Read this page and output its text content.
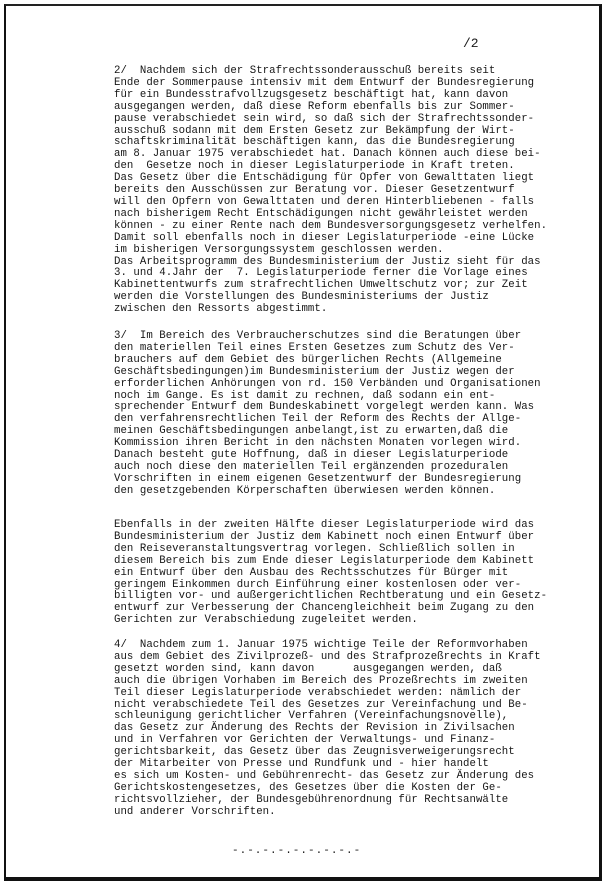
/2
2/  Nachdem sich der Strafrechtssonderausschuß bereits seit
Ende der Sommerpause intensiv mit dem Entwurf der Bundesregierung
für ein Bundesstrafvollzugsgesetz beschäftigt hat, kann davon
ausgegangen werden, daß diese Reform ebenfalls bis zur Sommer-
pause verabschiedet sein wird, so daß sich der Strafrechtssonder-
ausschuß sodann mit dem Ersten Gesetz zur Bekämpfung der Wirt-
schaftskriminalität beschäftigen kann, das die Bundesregierung
am 8. Januar 1975 verabschiedet hat. Danach können auch diese bei-
den  Gesetze noch in dieser Legislaturperiode in Kraft treten.
Das Gesetz über die Entschädigung für Opfer von Gewalttaten liegt
bereits den Ausschüssen zur Beratung vor. Dieser Gesetzentwurf
will den Opfern von Gewalttaten und deren Hinterbliebenen - falls
nach bisherigem Recht Entschädigungen nicht gewährleistet werden
können - zu einer Rente nach dem Bundesversorgungsgesetz verhelfen.
Damit soll ebenfalls noch in dieser Legislaturperiode -eine Lücke
im bisherigen Versorgungssystem geschlossen werden.
Das Arbeitsprogramm des Bundesministerium der Justiz sieht für das
3. und 4.Jahr der  7. Legislaturperiode ferner die Vorlage eines
Kabinettentwurfs zum strafrechtlichen Umweltschutz vor; zur Zeit
werden die Vorstellungen des Bundesministeriums der Justiz
zwischen den Ressorts abgestimmt.
3/  Im Bereich des Verbraucherschutzes sind die Beratungen über
den materiellen Teil eines Ersten Gesetzes zum Schutz des Ver-
brauchers auf dem Gebiet des bürgerlichen Rechts (Allgemeine
Geschäftsbedingungen)im Bundesministerium der Justiz wegen der
erforderlichen Anhörungen von rd. 150 Verbänden und Organisationen
noch im Gange. Es ist damit zu rechnen, daß sodann ein ent-
sprechender Entwurf dem Bundeskabinett vorgelegt werden kann. Was
den verfahrensrechtlichen Teil der Reform des Rechts der Allge-
meinen Geschäftsbedingungen anbelangt,ist zu erwarten,daß die
Kommission ihren Bericht in den nächsten Monaten vorlegen wird.
Danach besteht gute Hoffnung, daß in dieser Legislaturperiode
auch noch diese den materiellen Teil ergänzenden prozeduralen
Vorschriften in einem eigenen Gesetzentwurf der Bundesregierung
den gesetzgebenden Körperschaften überwiesen werden können.
Ebenfalls in der zweiten Hälfte dieser Legislaturperiode wird das
Bundesministerium der Justiz dem Kabinett noch einen Entwurf über
den Reiseveranstaltungsvertrag vorlegen. Schließlich sollen in
diesem Bereich bis zum Ende dieser Legislaturperiode dem Kabinett
ein Entwurf über den Ausbau des Rechtsschutzes für Bürger mit
geringem Einkommen durch Einführung einer kostenlosen oder ver-
billigten vor- und außergerichtlichen Rechtberatung und ein Gesetz-
entwurf zur Verbesserung der Chancengleichheit beim Zugang zu den
Gerichten zur Verabschiedung zugeleitet werden.
4/  Nachdem zum 1. Januar 1975 wichtige Teile der Reformvorhaben
aus dem Gebiet des Zivilprozeß- und des Strafprozeßrechts in Kraft
gesetzt worden sind, kann davon      ausgegangen werden, daß
auch die übrigen Vorhaben im Bereich des Prozeßrechts im zweiten
Teil dieser Legislaturperiode verabschiedet werden: nämlich der
nicht verabschiedete Teil des Gesetzes zur Vereinfachung und Be-
schleunigung gerichtlicher Verfahren (Vereinfachungsnovelle),
das Gesetz zur Änderung des Rechts der Revision in Zivilsachen
und in Verfahren vor Gerichten der Verwaltungs- und Finanz-
gerichtsbarkeit, das Gesetz über das Zeugnisverweigerungsrecht
der Mitarbeiter von Presse und Rundfunk und - hier handelt
es sich um Kosten- und Gebührenrecht- das Gesetz zur Änderung des
Gerichtskostengesetzes, des Gesetzes über die Kosten der Ge-
richtsvollzieher, der Bundesgebührenordnung für Rechtsanwälte
und anderer Vorschriften.
-.-.-.-.-.-.-.-.-
